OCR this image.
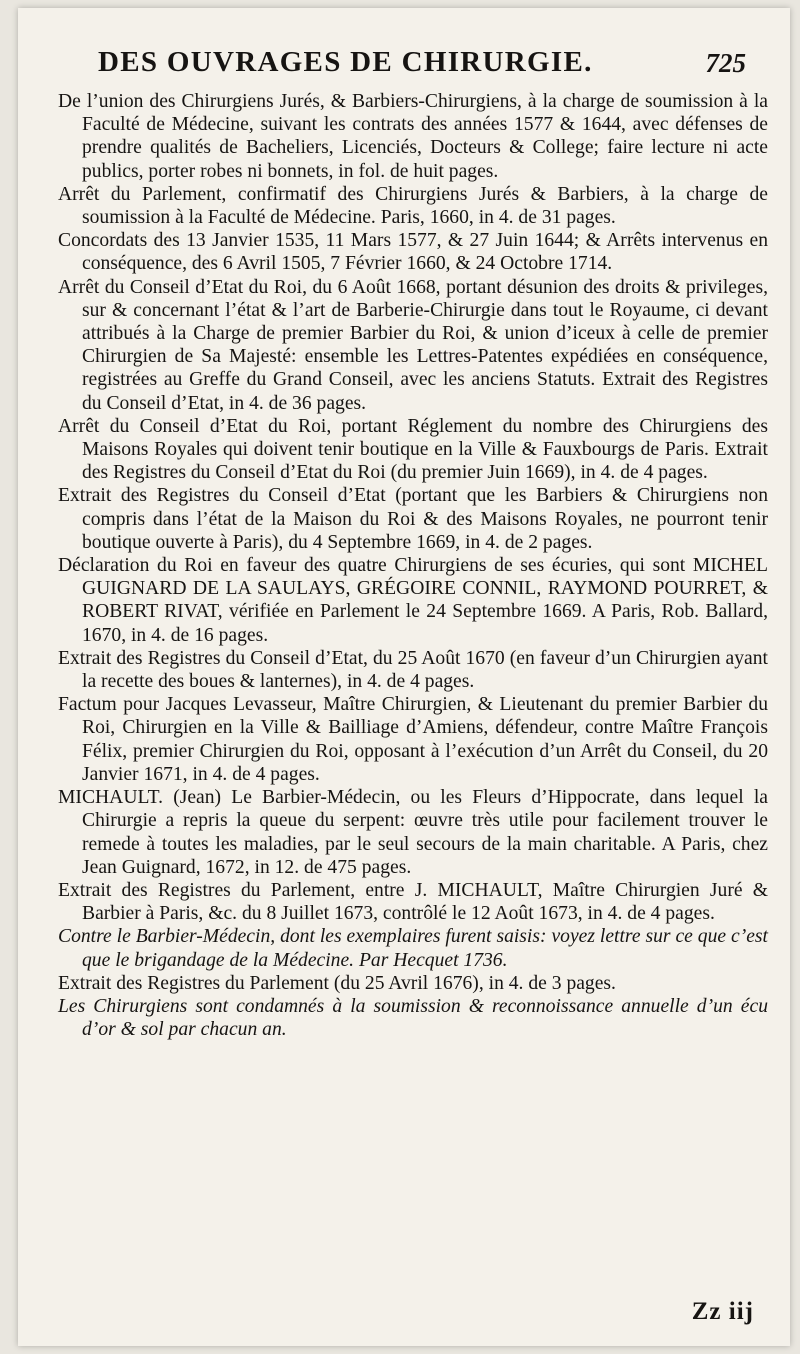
DES OUVRAGES DE CHIRURGIE.	725

De l’union des Chirurgiens Jurés, & Barbiers-Chirurgiens, à la charge de soumission à la Faculté de Médecine, suivant les contrats des années 1577 & 1644, avec défenses de prendre qualités de Bacheliers, Licenciés, Docteurs & College; faire lecture ni acte publics, porter robes ni bonnets, in fol. de huit pages.

Arrêt du Parlement, confirmatif des Chirurgiens Jurés & Barbiers, à la charge de soumission à la Faculté de Médecine. Paris, 1660, in 4. de 31 pages.

Concordats des 13 Janvier 1535, 11 Mars 1577, & 27 Juin 1644; & Arrêts intervenus en conséquence, des 6 Avril 1505, 7 Février 1660, & 24 Octobre 1714.

Arrêt du Conseil d’Etat du Roi, du 6 Août 1668, portant désunion des droits & privileges, sur & concernant l’état & l’art de Barberie-Chirurgie dans tout le Royaume, ci devant attribués à la Charge de premier Barbier du Roi, & union d’iceux à celle de premier Chirurgien de Sa Majesté: ensemble les Lettres-Patentes expédiées en conséquence, registrées au Greffe du Grand Conseil, avec les anciens Statuts. Extrait des Registres du Conseil d’Etat, in 4. de 36 pages.

Arrêt du Conseil d’Etat du Roi, portant Réglement du nombre des Chirurgiens des Maisons Royales qui doivent tenir boutique en la Ville & Fauxbourgs de Paris. Extrait des Registres du Conseil d’Etat du Roi (du premier Juin 1669), in 4. de 4 pages.

Extrait des Registres du Conseil d’Etat (portant que les Barbiers & Chirurgiens non compris dans l’état de la Maison du Roi & des Maisons Royales, ne pourront tenir boutique ouverte à Paris), du 4 Septembre 1669, in 4. de 2 pages.

Déclaration du Roi en faveur des quatre Chirurgiens de ses écuries, qui sont MICHEL GUIGNARD DE LA SAULAYS, GRÉGOIRE CONNIL, RAYMOND POURRET, & ROBERT RIVAT, vérifiée en Parlement le 24 Septembre 1669. A Paris, Rob. Ballard, 1670, in 4. de 16 pages.

Extrait des Registres du Conseil d’Etat, du 25 Août 1670 (en faveur d’un Chirurgien ayant la recette des boues & lanternes), in 4. de 4 pages.

Factum pour Jacques Levasseur, Maître Chirurgien, & Lieutenant du premier Barbier du Roi, Chirurgien en la Ville & Bailliage d’Amiens, défendeur, contre Maître François Félix, premier Chirurgien du Roi, opposant à l’exécution d’un Arrêt du Conseil, du 20 Janvier 1671, in 4. de 4 pages.

MICHAULT. (Jean) Le Barbier-Médecin, ou les Fleurs d’Hippocrate, dans lequel la Chirurgie a repris la queue du serpent: œuvre très utile pour facilement trouver le remede à toutes les maladies, par le seul secours de la main charitable. A Paris, chez Jean Guignard, 1672, in 12. de 475 pages.

Extrait des Registres du Parlement, entre J. MICHAULT, Maître Chirurgien Juré & Barbier à Paris, &c. du 8 Juillet 1673, contrôlé le 12 Août 1673, in 4. de 4 pages.

Contre le Barbier-Médecin, dont les exemplaires furent saisis: voyez lettre sur ce que c’est que le brigandage de la Médecine. Par Hecquet 1736.

Extrait des Registres du Parlement (du 25 Avril 1676), in 4. de 3 pages.

Les Chirurgiens sont condamnés à la soumission & reconnoissance annuelle d’un écu d’or & sol par chacun an.

Zz iij
